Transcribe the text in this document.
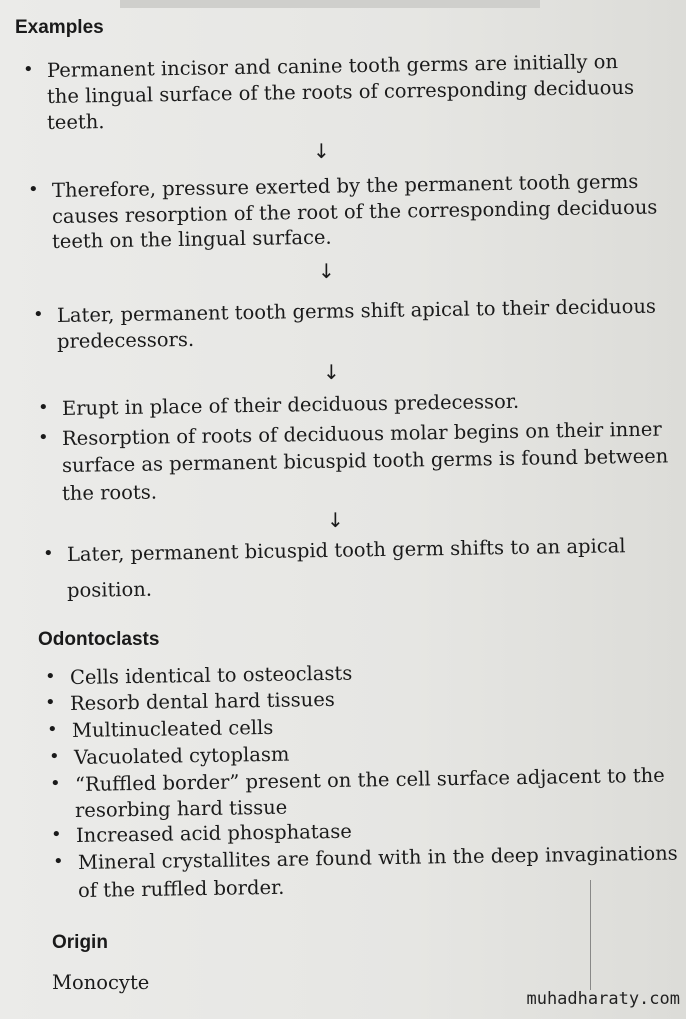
Examples
Odontoclasts
Origin
Monocyte
• Permanent incisor and canine tooth germs are initially on
the lingual surface of the roots of corresponding deciduous
teeth.
• Therefore, pressure exerted by the permanent tooth germs
causes resorption of the root of the corresponding deciduous
teeth on the lingual surface.
• Later, permanent tooth germs shift apical to their deciduous
predecessors.
• Erupt in place of their deciduous predecessor.
• Resorption of roots of deciduous molar begins on their inner
surface as permanent bicuspid tooth germs is found between
the roots.
• Later, permanent bicuspid tooth germ shifts to an apical
position.
↓
↓
↓
↓
• Cells identical to osteoclasts
• Resorb dental hard tissues
• Multinucleated cells
• Vacuolated cytoplasm
• “Ruffled border” present on the cell surface adjacent to the
resorbing hard tissue
• Increased acid phosphatase
• Mineral crystallites are found with in the deep invaginations
of the ruffled border.
muhadharaty.com
